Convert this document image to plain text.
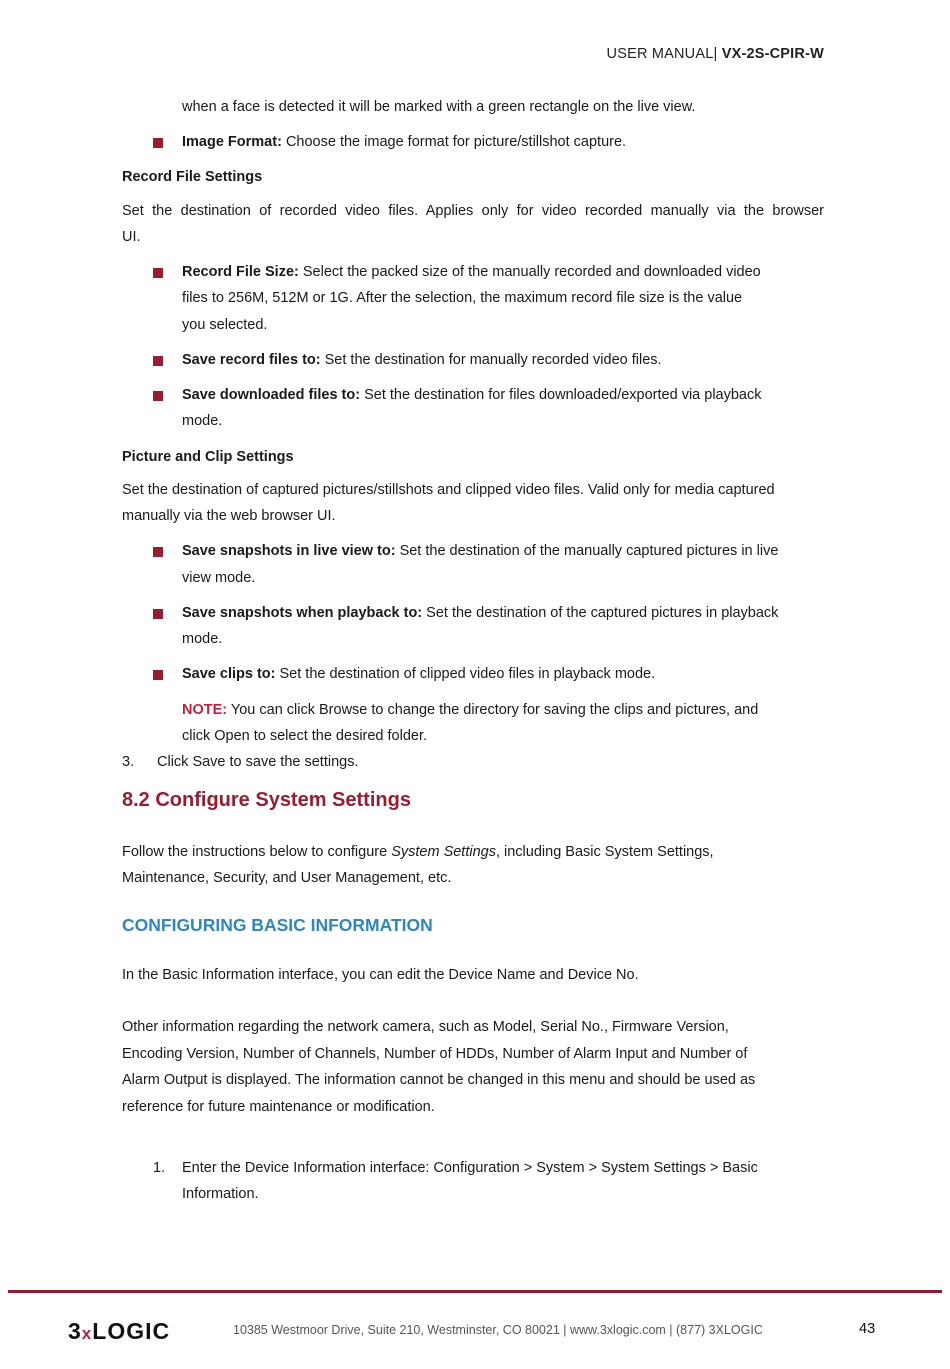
USER MANUAL| VX-2S-CPIR-W
when a face is detected it will be marked with a green rectangle on the live view.
Image Format: Choose the image format for picture/stillshot capture.
Record File Settings
Set the destination of recorded video files. Applies only for video recorded manually via the browser
UI.
Record File Size: Select the packed size of the manually recorded and downloaded video
files to 256M, 512M or 1G. After the selection, the maximum record file size is the value
you selected.
Save record files to: Set the destination for manually recorded video files.
Save downloaded files to: Set the destination for files downloaded/exported via playback
mode.
Picture and Clip Settings
Set the destination of captured pictures/stillshots and clipped video files. Valid only for media captured
manually via the web browser UI.
Save snapshots in live view to: Set the destination of the manually captured pictures in live
view mode.
Save snapshots when playback to: Set the destination of the captured pictures in playback
mode.
Save clips to: Set the destination of clipped video files in playback mode.
NOTE: You can click Browse to change the directory for saving the clips and pictures, and
click Open to select the desired folder.
3. Click Save to save the settings.
8.2 Configure System Settings
Follow the instructions below to configure System Settings, including Basic System Settings,
Maintenance, Security, and User Management, etc.
CONFIGURING BASIC INFORMATION
In the Basic Information interface, you can edit the Device Name and Device No.
Other information regarding the network camera, such as Model, Serial No., Firmware Version,
Encoding Version, Number of Channels, Number of HDDs, Number of Alarm Input and Number of
Alarm Output is displayed. The information cannot be changed in this menu and should be used as
reference for future maintenance or modification.
1. Enter the Device Information interface: Configuration > System > System Settings > Basic
Information.
3xLOGIC	10385 Westmoor Drive, Suite 210, Westminster, CO 80021 | www.3xlogic.com | (877) 3XLOGIC	43
